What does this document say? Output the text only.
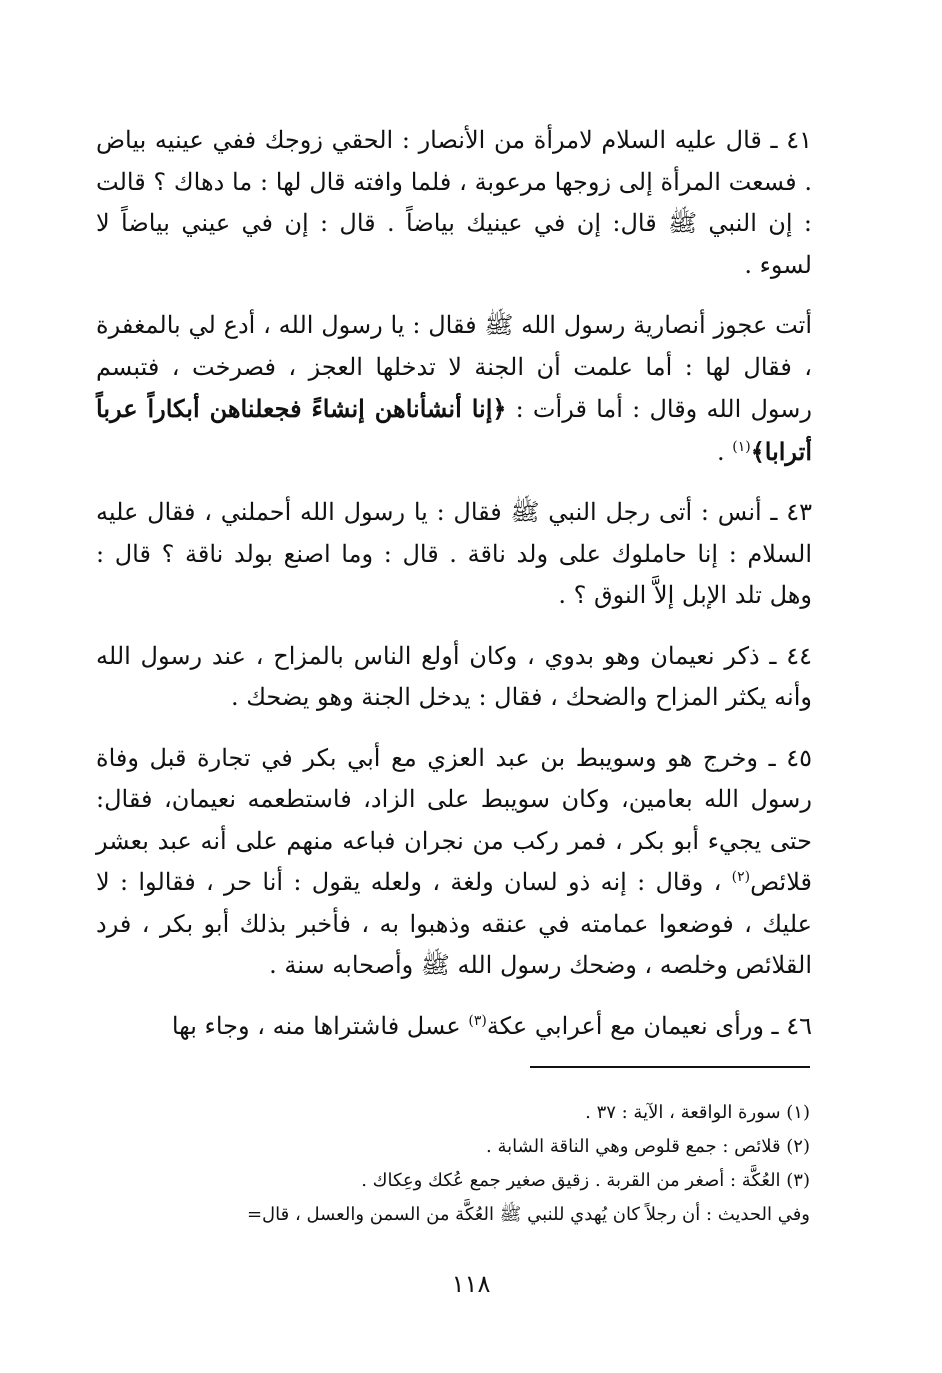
٤١ ـ قال عليه السلام لامرأة من الأنصار : الحقي زوجك ففي عينيه بياض . فسعت المرأة إلى زوجها مرعوبة ، فلما وافته قال لها : ما دهاك ؟ قالت : إن النبي ﷺ قال: إن في عينيك بياضاً . قال : إن في عيني بياضاً لا لسوء .

أتت عجوز أنصارية رسول الله ﷺ فقال : يا رسول الله ، أدع لي بالمغفرة ، فقال لها : أما علمت أن الجنة لا تدخلها العجز ، فصرخت ، فتبسم رسول الله وقال : أما قرأت : ﴿إنا أنشأناهن إنشاءً فجعلناهن أبكاراً عرباً أترابا﴾$^{(١)}$ .

٤٣ ـ أنس : أتى رجل النبي ﷺ فقال : يا رسول الله أحملني ، فقال عليه السلام : إنا حاملوك على ولد ناقة . قال : وما اصنع بولد ناقة ؟ قال : وهل تلد الإبل إلاَّ النوق ؟ .

٤٤ ـ ذكر نعيمان وهو بدوي ، وكان أولع الناس بالمزاح ، عند رسول الله وأنه يكثر المزاح والضحك ، فقال : يدخل الجنة وهو يضحك .

٤٥ ـ وخرج هو وسويبط بن عبد العزي مع أبي بكر في تجارة قبل وفاة رسول الله بعامين، وكان سويبط على الزاد، فاستطعمه نعيمان، فقال: حتى يجيء أبو بكر ، فمر ركب من نجران فباعه منهم على أنه عبد بعشر قلائص$^{(٢)}$ ، وقال : إنه ذو لسان ولغة ، ولعله يقول : أنا حر ، فقالوا : لا عليك ، فوضعوا عمامته في عنقه وذهبوا به ، فأخبر بذلك أبو بكر ، فرد القلائص وخلصه ، وضحك رسول الله ﷺ وأصحابه سنة .

٤٦ ـ ورأى نعيمان مع أعرابي عكة$^{(٣)}$ عسل فاشتراها منه ، وجاء بها

(١) سورة الواقعة ، الآية : ٣٧ .

(٢) قلائص : جمع قلوص وهي الناقة الشابة .

(٣) العُكَّة : أصغر من القربة . زقيق صغير جمع عُكك وعِكاك .

وفي الحديث : أن رجلاً كان يُهدي للنبي ﷺ العُكَّة من السمن والعسل ، قال=

١١٨
